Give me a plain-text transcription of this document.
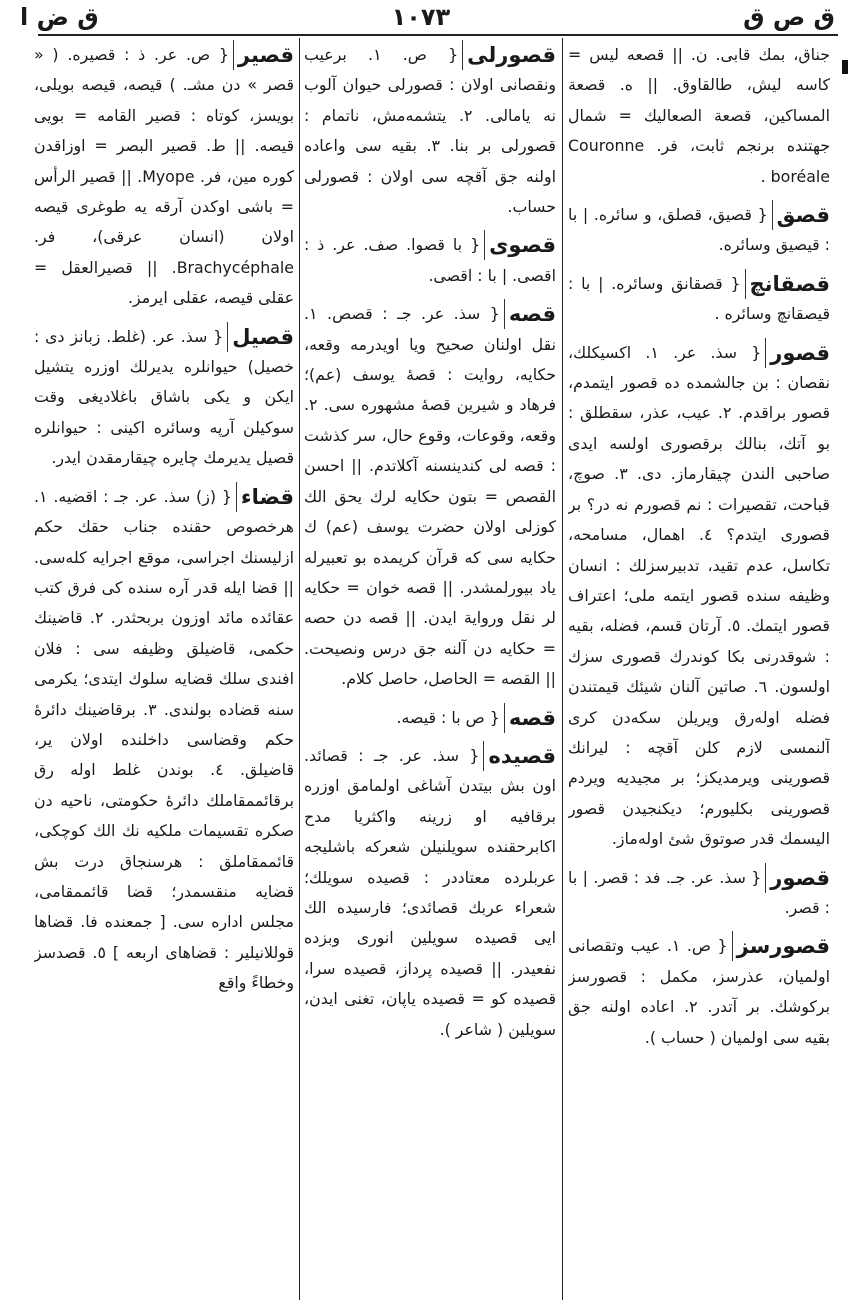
ق ض ا	١٠٧٣	ق ص ق

جناق، بمك قابى. ن. || قصعه ليس = كاسه ليش، طالقاوق. || ه. قصعة المساكين، قصعة الصعاليك = شمال جهتنده برنجم ثابت، فر. Couronne boréale .

قصق
{ قصيق، قصلق، و سائره. | با : قيصيق وسائره.

قصقانچ
{ قصقانق وسائره. | با : قيصقانچ وسائره .

قصور
{ سذ. عر. ١. اكسيكلك، نقصان : بن جالشمده ده قصور ايتمدم، قصور براقدم. ٢. عيب، عذر، سقطلق : بو آتك، بنالك برقصورى اولسه ايدى صاحبى الندن چيقارماز. دى. ٣. صوچ، قباحت، تقصيرات : نم قصورم نه در؟ بر قصورى ايتدم؟ ٤. اهمال، مسامحه، تكاسل، عدم تقيد، تدبيرسزلك : انسان وظيفه سنده قصور ايتمه ملى؛ اعتراف قصور ايتمك. ٥. آرتان قسم، فضله، بقيه : شوقدرنى بكا كوندرك قصورى سزك اولسون. ٦. صاتين آلنان شيئك قيمتندن فضله اولەرق ويريلن سكەدن كرى آلنمسى لازم كلن آقچه : ليرانك قصورينى ويرمديكز؛ بر مجيديه ويردم قصورينى بكليورم؛ ديكنجيدن قصور اليسمك قدر صوتوق شئ اولەماز.

قصور
{ سذ. عر. جـ. فد : قصر. | با : قصر.

قصورسز
{ ص. ١. عيب وتقصانى اولميان، عذرسز، مكمل : قصورسز بركوشك. بر آتدر. ٢. اعاده اولنه جق بقيه سى اولميان ( حساب ).

قصورلى
{ ص. ١. برعيب ونقصانى اولان : قصورلى حيوان آلوب نه يامالى. ٢. يتشمەمش، ناتمام : قصورلى بر بنا. ٣. بقيه سى واعاده اولنه جق آقچه سى اولان : قصورلى حساب.

قصوى
{ با قصوا. صف. عر. ذ : اقصى. | با : اقصى.

قصه
{ سذ. عر. جـ : قصص. ١. نقل اولنان صحيح ويا اويدرمه وقعه، حكايه، روايت : قصهٔ يوسف (عم)؛ فرهاد و شيرين قصهٔ مشهوره سى. ٢. وقعه، وقوعات، وقوع حال، سر كذشت : قصه لى كندينسنه آكلاتدم. || احسن القصص = بتون حكايه لرك يحق الك كوزلى اولان حضرت يوسف (عم) ك حكايه سى كه قرآن كريمده بو تعبيرله ياد بيورلمشدر. || قصه خوان = حكايه لر نقل ورواية ايدن. || قصه دن حصه = حكايه دن آلنه جق درس ونصيحت. || القصه = الحاصل، حاصل كلام.

قصه
{ ص با : قيصه.

قصيده
{ سذ. عر. جـ : قصائد. اون بش بيتدن آشاغى اولمامق اوزره برقافيه او زرينه واكثريا مدح اكابرحقنده سويلنيلن شعركه باشليجه عربلرده معتاددر : قصيده سويلك؛ شعراء عربك قصائدى؛ فارسيده الك ايى قصيده سويلين انورى وبزده نفعيدر. || قصيده پرداز، قصيده سرا، قصيده كو = قصيده ياپان، تغنى ايدن، سويلين ( شاعر ).

قصير
{ ص. عر. ذ : قصيره. ( « قصر » دن مشـ. ) قيصه، قيصه بويلى، بويسز، كوتاه : قصير القامه = بويى قيصه. || ط. قصير البصر = اوزاقدن كوره مين، فر. Myope. || قصير الرأس = باشى اوكدن آرقه يه طوغرى قيصه اولان (انسان عرقى)، فر. Brachycéphale. || قصيرالعقل = عقلى قيصه، عقلى ايرمز.

قصيل
{ سذ. عر. (غلط. زبانز دى : خصيل) حيوانلره يديرلك اوزره يتشيل ايكن و يكى باشاق باغلاديغى وقت سوكيلن آرپه وسائره اكينى : حيوانلره قصيل يديرمك چايره چيقارمقدن ايدر.

قضاء
{ (ز) سذ. عر. جـ : اقضيه. ١. هرخصوص حقنده جناب حقك حكم ازليسنك اجراسى، موقع اجرايه كلەسى. || قضا ايله قدر آره سنده كى فرق كتب عقائده مائد اوزون بربحثدر. ٢. قاضينك حكمى، قاضيلق وظيفه سى : فلان افندى سلك قضايه سلوك ايتدى؛ يكرمى سنه قضاده بولندى. ٣. برقاضينك دائرهٔ حكم وقضاسى داخلنده اولان ير، قاضيلق. ٤. بوندن غلط اوله رق برقائممقاملك دائرهٔ حكومتى، ناحيه دن صكره تقسيمات ملكيه نك الك كوچكى، قائممقاملق : هرسنجاق درت بش قضايه منقسمدر؛ قضا قائممقامى، مجلس اداره سى. [ جمعنده فا. قضاها قوللانيلير : قضاهاى اربعه ] ٥. قصدسز وخطاءً واقع
